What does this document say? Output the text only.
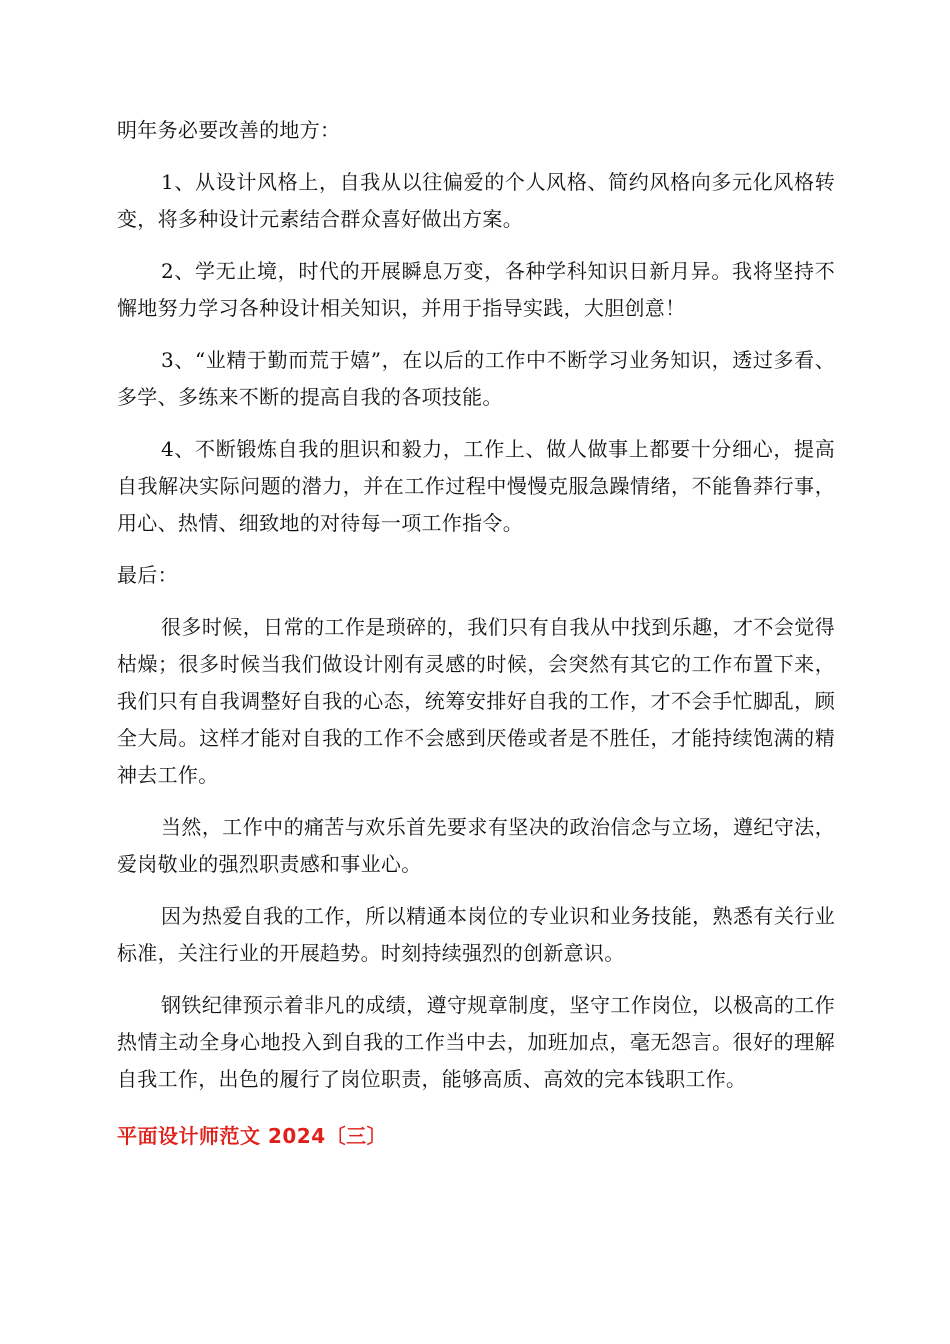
明年务必要改善的地方：

1、从设计风格上，自我从以往偏爱的个人风格、简约风格向多元化风格转变，将多种设计元素结合群众喜好做出方案。

2、学无止境，时代的开展瞬息万变，各种学科知识日新月异。我将坚持不懈地努力学习各种设计相关知识，并用于指导实践，大胆创意！

3、“业精于勤而荒于嬉”，在以后的工作中不断学习业务知识，透过多看、多学、多练来不断的提高自我的各项技能。

4、不断锻炼自我的胆识和毅力，工作上、做人做事上都要十分细心，提高自我解决实际问题的潜力，并在工作过程中慢慢克服急躁情绪，不能鲁莽行事，用心、热情、细致地的对待每一项工作指令。

最后：

很多时候，日常的工作是琐碎的，我们只有自我从中找到乐趣，才不会觉得枯燥；很多时候当我们做设计刚有灵感的时候，会突然有其它的工作布置下来，我们只有自我调整好自我的心态，统筹安排好自我的工作，才不会手忙脚乱，顾全大局。这样才能对自我的工作不会感到厌倦或者是不胜任，才能持续饱满的精神去工作。

当然，工作中的痛苦与欢乐首先要求有坚决的政治信念与立场，遵纪守法，爱岗敬业的强烈职责感和事业心。

因为热爱自我的工作，所以精通本岗位的专业识和业务技能，熟悉有关行业标准，关注行业的开展趋势。时刻持续强烈的创新意识。

钢铁纪律预示着非凡的成绩，遵守规章制度，坚守工作岗位，以极高的工作热情主动全身心地投入到自我的工作当中去，加班加点，毫无怨言。很好的理解自我工作，出色的履行了岗位职责，能够高质、高效的完本钱职工作。

平面设计师范文 2024〔三〕
